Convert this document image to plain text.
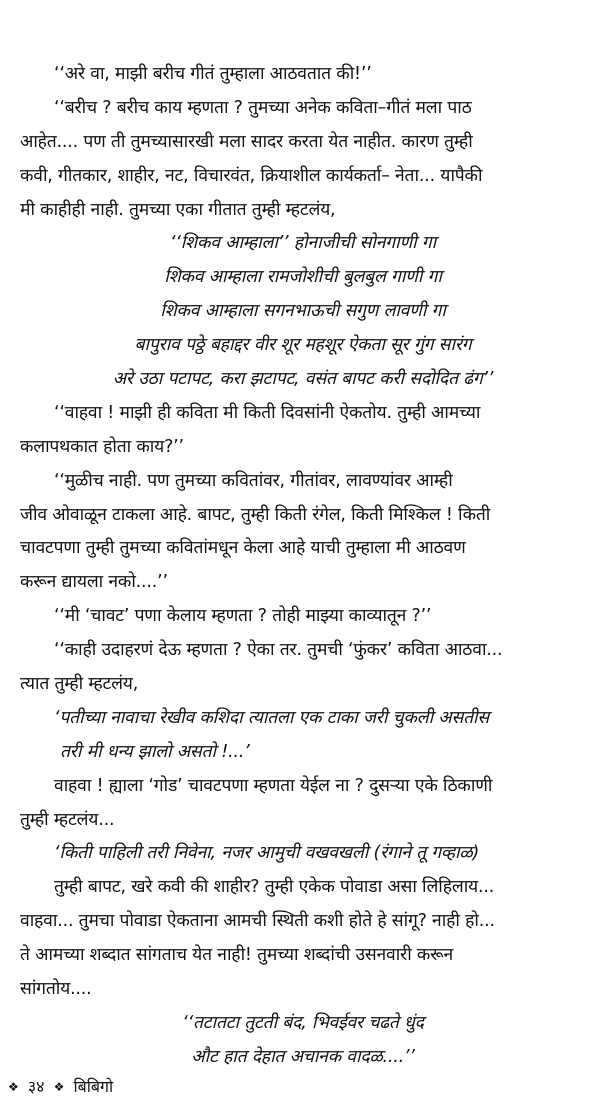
‘‘अरे वा, माझी बरीच गीतं तुम्हाला आठवतात की!’’
‘‘बरीच ? बरीच काय म्हणता ? तुमच्या अनेक कविता–गीतं मला पाठ
आहेत.... पण ती तुमच्यासारखी मला सादर करता येत नाहीत. कारण तुम्ही
कवी, गीतकार, शाहीर, नट, विचारवंत, क्रियाशील कार्यकर्ता– नेता... यापैकी
मी काहीही नाही. तुमच्या एका गीतात तुम्ही म्हटलंय,
‘‘शिकव आम्हाला’’ होनाजीची सोनगाणी गा
शिकव आम्हाला रामजोशीची बुलबुल गाणी गा
शिकव आम्हाला सगनभाऊची सगुण लावणी गा
बापुराव पठ्ठे बहाद्दर वीर शूर महशूर ऐकता सूर गुंग सारंग
अरे उठा पटापट, करा झटापट, वसंत बापट करी सदोदित ढंग’’
‘‘वाहवा ! माझी ही कविता मी किती दिवसांनी ऐकतोय. तुम्ही आमच्या
कलापथकात होता काय?’’
‘‘मुळीच नाही. पण तुमच्या कवितांवर, गीतांवर, लावण्यांवर आम्ही
जीव ओवाळून टाकला आहे. बापट, तुम्ही किती रंगेल, किती मिश्किल ! किती
चावटपणा तुम्ही तुमच्या कवितांमधून केला आहे याची तुम्हाला मी आठवण
करून द्यायला नको....’’
‘‘मी ‘चावट’ पणा केलाय म्हणता ? तोही माझ्या काव्यातून ?’’
‘‘काही उदाहरणं देऊ म्हणता ? ऐका तर. तुमची ‘फुंकर’ कविता आठवा...
त्यात तुम्ही म्हटलंय,
‘पतीच्या नावाचा रेखीव कशिदा त्यातला एक टाका जरी चुकली असतीस
तरी मी धन्य झालो असतो !...’
वाहवा ! ह्याला ‘गोड’ चावटपणा म्हणता येईल ना ? दुसऱ्या एके ठिकाणी
तुम्ही म्हटलंय...
‘किती पाहिली तरी निवेना, नजर आमुची वखवखली (रंगाने तू गव्हाळ)
तुम्ही बापट, खरे कवी की शाहीर? तुम्ही एकेक पोवाडा असा लिहिलाय...
वाहवा... तुमचा पोवाडा ऐकताना आमची स्थिती कशी होते हे सांगू? नाही हो...
ते आमच्या शब्दात सांगताच येत नाही! तुमच्या शब्दांची उसनवारी करून
सांगतोय....
‘‘तटातटा तुटती बंद, भिवईवर चढते धुंद
औट हात देहात अचानक वादळ....’’
❖ ३४ ❖ बिबिगो
